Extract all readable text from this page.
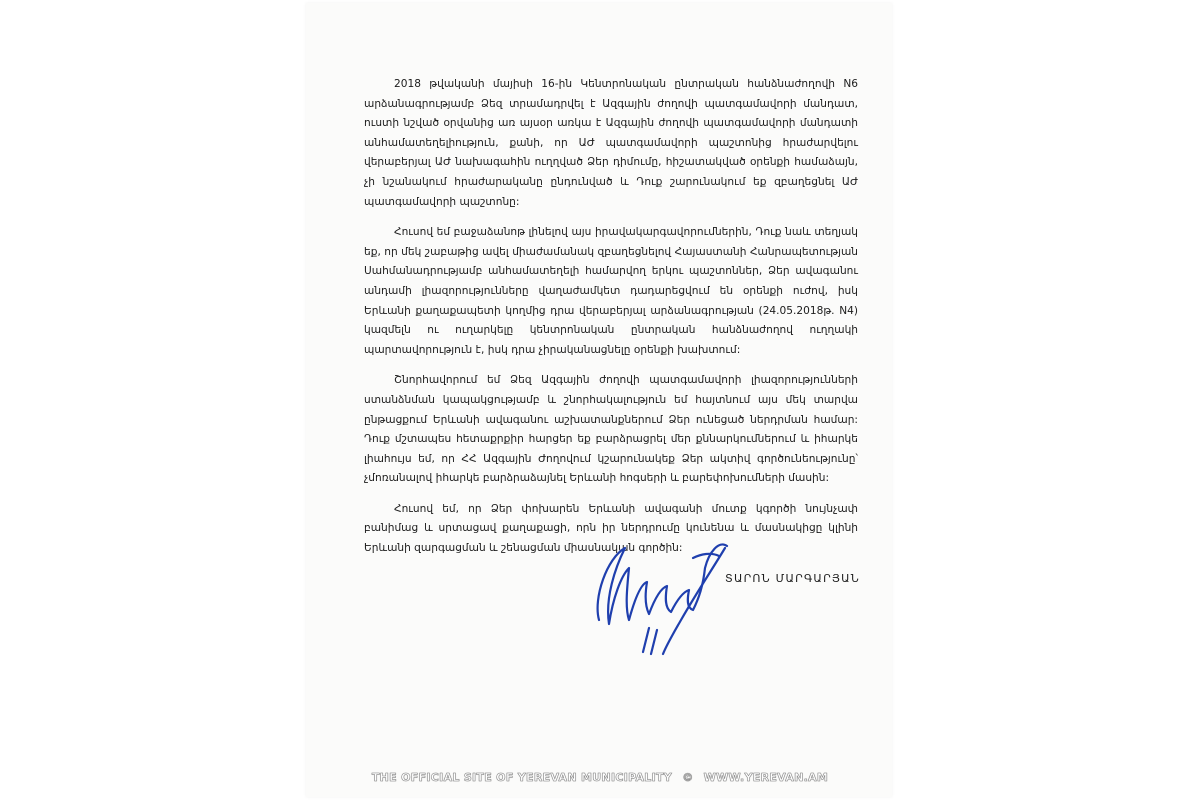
2018 թվականի մայիսի 16-ին Կենտրոնական ընտրական հանձնաժողովի N6 արձանագրությամբ Ձեզ տրամադրվել է Ազգային ժողովի պատգամավորի մանդատ, ուստի նշված օրվանից առ այսօր առկա է Ազգային ժողովի պատգամավորի մանդատի անհամատեղելիություն, քանի, որ ԱԺ պատգամավորի պաշտոնից հրաժարվելու վերաբերյալ ԱԺ նախագահին ուղղված Ձեր դիմումը, հիշատակված օրենքի համաձայն, չի նշանակում հրաժարականը ընդունված և Դուք շարունակում եք զբաղեցնել ԱԺ պատգամավորի պաշտոնը:

Հուսով եմ բաջաձանոթ լինելով այս իրավակարգավորումներին, Դուք նաև տեղյակ եք, որ մեկ շաբաթից ավել միաժամանակ զբաղեցնելով Հայաստանի Հանրապետության Սահմանադրությամբ անհամատեղելի համարվող երկու պաշտոններ, Ձեր ավագանու անդամի լիազորությունները վաղաժամկետ դադարեցվում են օրենքի ուժով, իսկ Երևանի քաղաքապետի կողմից դրա վերաբերյալ արձանագրության (24.05.2018թ. N4) կազմելն ու ուղարկելը կենտրոնական ընտրական հանձնաժողով ուղղակի պարտավորություն է, իսկ դրա չիրականացնելը օրենքի խախտում:

Շնորհավորում եմ Ձեզ Ազգային ժողովի պատգամավորի լիազորությունների ստանձնման կապակցությամբ և շնորհակալություն եմ հայտնում այս մեկ տարվա ընթացքում Երևանի ավագանու աշխատանքներում Ձեր ունեցած ներդրման համար: Դուք մշտապես հետաքրքիր հարցեր եք բարձրացրել մեր քննարկումներում և իհարկե լիահույս եմ, որ ՀՀ Ազգային Ժողովում կշարունակեք Ձեր ակտիվ գործունեությունը՝ չմոռանալով իհարկե բարձրաձայնել Երևանի հոգսերի և բարեփոխումների մասին:

Հուսով եմ, որ Ձեր փոխարեն Երևանի ավագանի մուտք կգործի նույնչափ բանիմաց և սրտացավ քաղաքացի, որն իր ներդրումը կունենա և մասնակիցը կլինի Երևանի զարգացման և շենացման միասնական գործին:

ՏԱՐՈՆ ՄԱՐԳԱՐՅԱՆ
THE OFFICIAL SITE OF YEREVAN MUNICIPALITY © WWW.YEREVAN.AM
